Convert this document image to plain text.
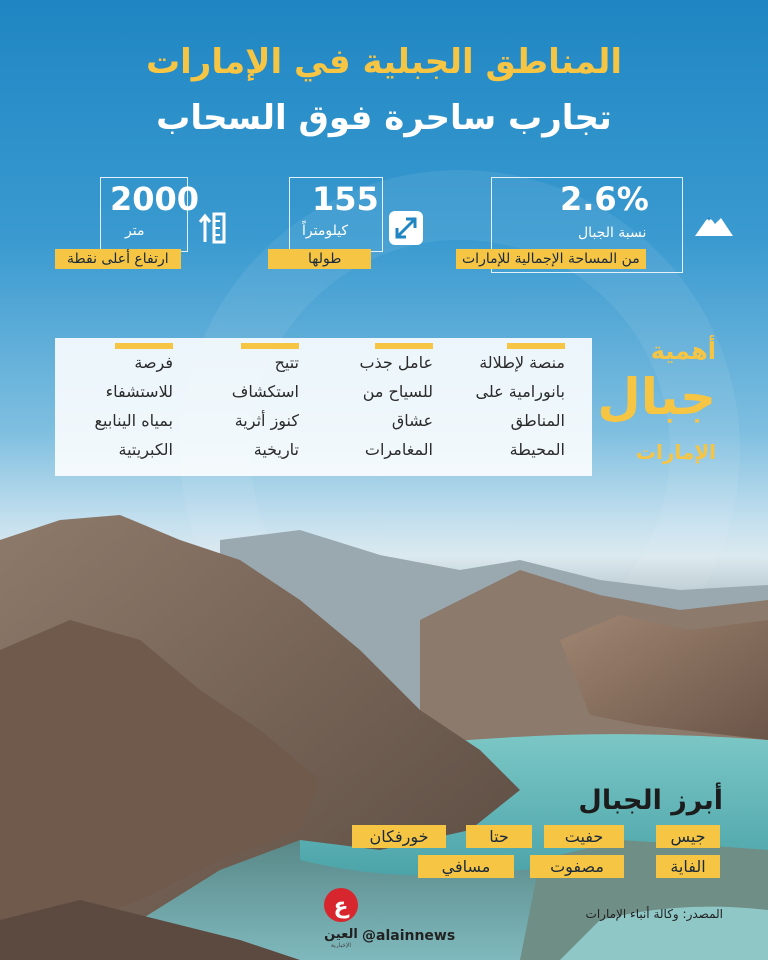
المناطق الجبلية في الإمارات
تجارب ساحرة فوق السحاب
2.6%
نسبة الجبال
من المساحة الإجمالية للإمارات
155
كيلومتراً
طولها
2000
متر
ارتفاع أعلى نقطة
منصة لإطلالة
بانورامية على
المناطق
المحيطة
عامل جذب
للسياح من
عشاق
المغامرات
تتيح
استكشاف
كنوز أثرية
تاريخية
فرصة
للاستشفاء
بمياه الينابيع
الكبريتية
أهمية
جبال
الإمارات
أبرز الجبال
جيس
حفيت
حتا
خورفكان
الفاية
مصفوت
مسافي
المصدر: وكالة أنباء الإمارات
ع
العين
الإخبارية
@alainnews
